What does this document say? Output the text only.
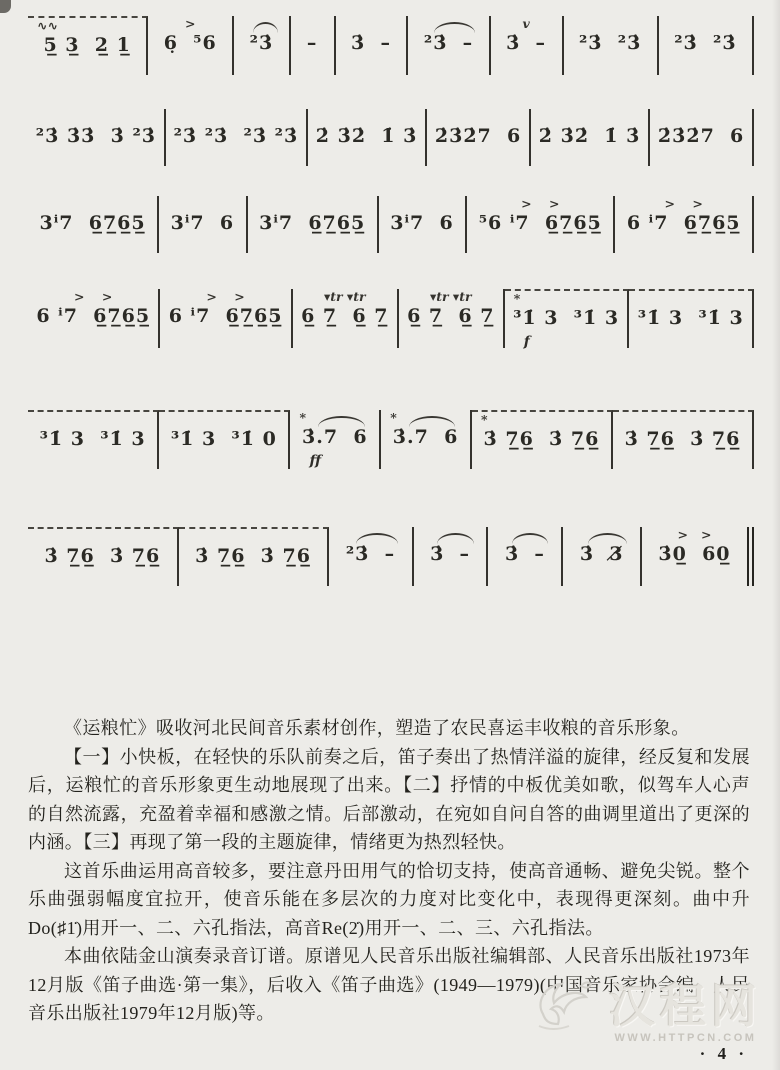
∿∿
5̲ 3̲  2̲ 1̲
>
6̣  ⁵6	²3̇	–	3̇  –	²3̇  –
v
3̇  –	²3̇  ²3̇	²3̇  ²3̇
²3̇ 3̇3̇  3̇ ²3̇ ²3̇ ²3̇  ²3̇ ²3̇ 2̇ 3̇2̇  1̇ 3̇ 2̇3̇2̇7  6 2̇ 3̇2̇  1̇ 3̇ 2̇3̇2̇7  6
3ⁱ7  6̲7̲6̲5̲ 3ⁱ7  6 3ⁱ7  6̲7̲6̲5̲ 3ⁱ7  6
>    >
⁵6 ⁱ7  6̲7̲6̲5̲
>    >
6 ⁱ7  6̲7̲6̲5̲
>    >
6 ⁱ7  6̲7̲6̲5̲
>    >
6 ⁱ7  6̲7̲6̲5̲
▾tr ▾tr
6̲ 7̲  6̲ 7̲
▾tr ▾tr
6̲ 7̲  6̲ 7̲
*
³1̇ 3  ³1̇ 3
f
³1̇ 3  ³1̇ 3
³1̇ 3  ³1̇ 3 ³1̇ 3  ³1̇ 0
*
3̇.7  6
ff
*
3̇.7  6
*
3̇ 7̲6̲  3̇ 7̲6̲ 3̇ 7̲6̲  3̇ 7̲6̲
3̇ 7̲6̲  3̇ 7̲6̲	3̇ 7̲6̲  3̇ 7̲6̲	²3̇  –	3̇  –	3̇  –	3̇  3̸
>   >
3̇0̲  60̲

《运粮忙》吸收河北民间音乐素材创作，塑造了农民喜运丰收粮的音乐形象。

【一】小快板，在轻快的乐队前奏之后，笛子奏出了热情洋溢的旋律，经反复和发展后，运粮忙的音乐形象更生动地展现了出来。【二】抒情的中板优美如歌，似驾车人心声的自然流露，充盈着幸福和感激之情。后部激动，在宛如自问自答的曲调里道出了更深的内涵。【三】再现了第一段的主题旋律，情绪更为热烈轻快。

这首乐曲运用高音较多，要注意丹田用气的恰切支持，使高音通畅、避免尖锐。整个乐曲强弱幅度宜拉开，使音乐能在多层次的力度对比变化中，表现得更深刻。曲中升Do(♯1̇)用开一、二、六孔指法，高音Re(2̇)用开一、二、三、六孔指法。

本曲依陆金山演奏录音订谱。原谱见人民音乐出版社编辑部、人民音乐出版社1973年12月版《笛子曲选·第一集》，后收入《笛子曲选》(1949—1979)(中国音乐家协会编　人民音乐出版社1979年12月版)等。	汉程网
WWW.HTTPCN.COM
· 4 ·
